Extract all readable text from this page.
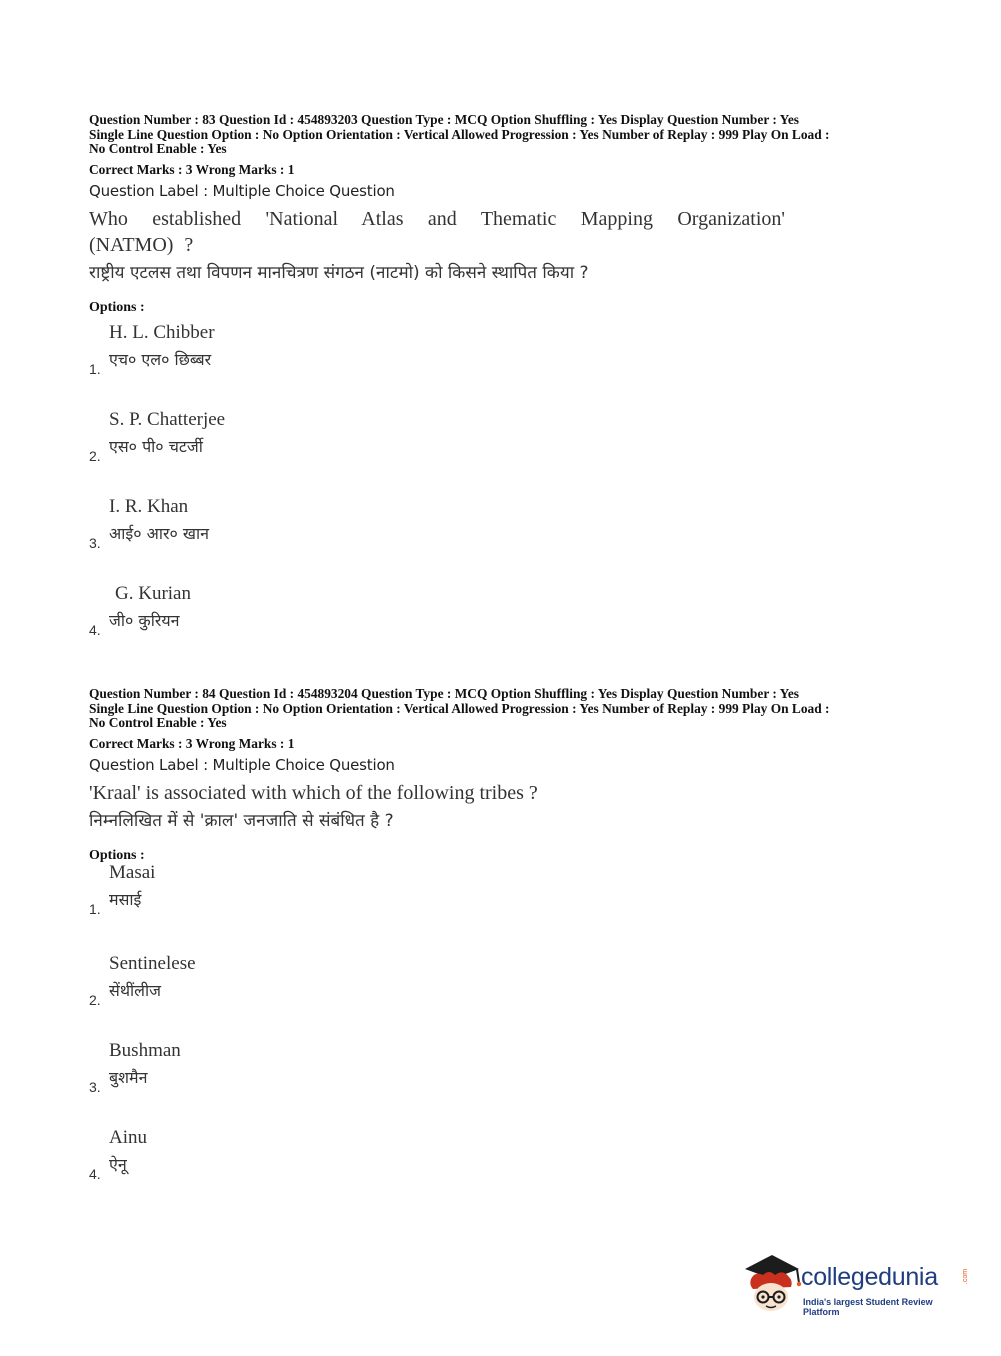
Question Number : 83 Question Id : 454893203 Question Type : MCQ Option Shuffling : Yes Display Question Number : Yes
Single Line Question Option : No Option Orientation : Vertical Allowed Progression : Yes Number of Replay : 999 Play On Load :
No Control Enable : Yes
Correct Marks : 3 Wrong Marks : 1
Question Label : Multiple Choice Question
Who established 'National Atlas and Thematic Mapping Organization' (NATMO) ?
राष्ट्रीय एटलस तथा विपणन मानचित्रण संगठन (नाटमो) को किसने स्थापित किया ?
Options :
H. L. Chibber
एच० एल० छिब्बर
1.
S. P. Chatterjee
एस० पी० चटर्जी
2.
I. R. Khan
आई० आर० खान
3.
G. Kurian
जी० कुरियन
4.
Question Number : 84 Question Id : 454893204 Question Type : MCQ Option Shuffling : Yes Display Question Number : Yes
Single Line Question Option : No Option Orientation : Vertical Allowed Progression : Yes Number of Replay : 999 Play On Load :
No Control Enable : Yes
Correct Marks : 3 Wrong Marks : 1
Question Label : Multiple Choice Question
'Kraal' is associated with which of the following tribes ?
निम्नलिखित में से 'क्राल' जनजाति से संबंधित है ?
Options :
Masai
मसाई
1.
Sentinelese
सेंथींलीज
2.
Bushman
बुशमैन
3.
Ainu
ऐनू
4.
collegedunia	.com
India's largest Student Review Platform
